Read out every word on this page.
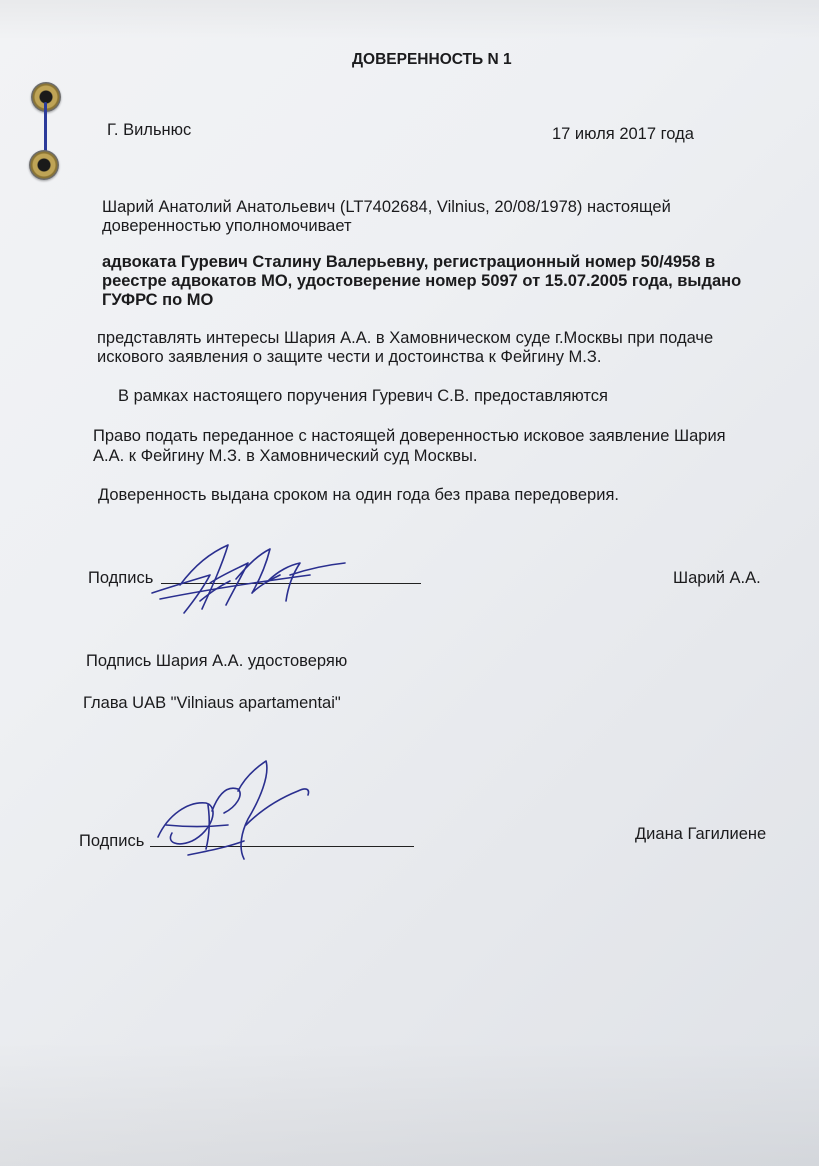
ДОВЕРЕННОСТЬ N 1

Г. Вильнюс	17 июля 2017 года

Шарий Анатолий Анатольевич (LT7402684, Vilnius, 20/08/1978) настоящей

доверенностью уполномочивает

адвоката Гуревич Сталину Валерьевну, регистрационный номер 50/4958 в

реестре адвокатов МО, удостоверение номер 5097 от 15.07.2005 года, выдано

ГУФРС по МО

представлять интересы Шария А.А. в Хамовническом суде г.Москвы при подаче

искового заявления о защите чести и достоинства к Фейгину М.З.

В рамках настоящего поручения Гуревич С.В. предоставляются

Право подать переданное с настоящей доверенностью исковое заявление Шария

А.А. к Фейгину М.З. в Хамовнический суд Москвы.

Доверенность выдана сроком на один года без права передоверия.

Подпись	Шарий А.А.

Подпись Шария А.А. удостоверяю

Глава UAB "Vilniaus apartamentai"

Подпись	Диана Гагилиене
